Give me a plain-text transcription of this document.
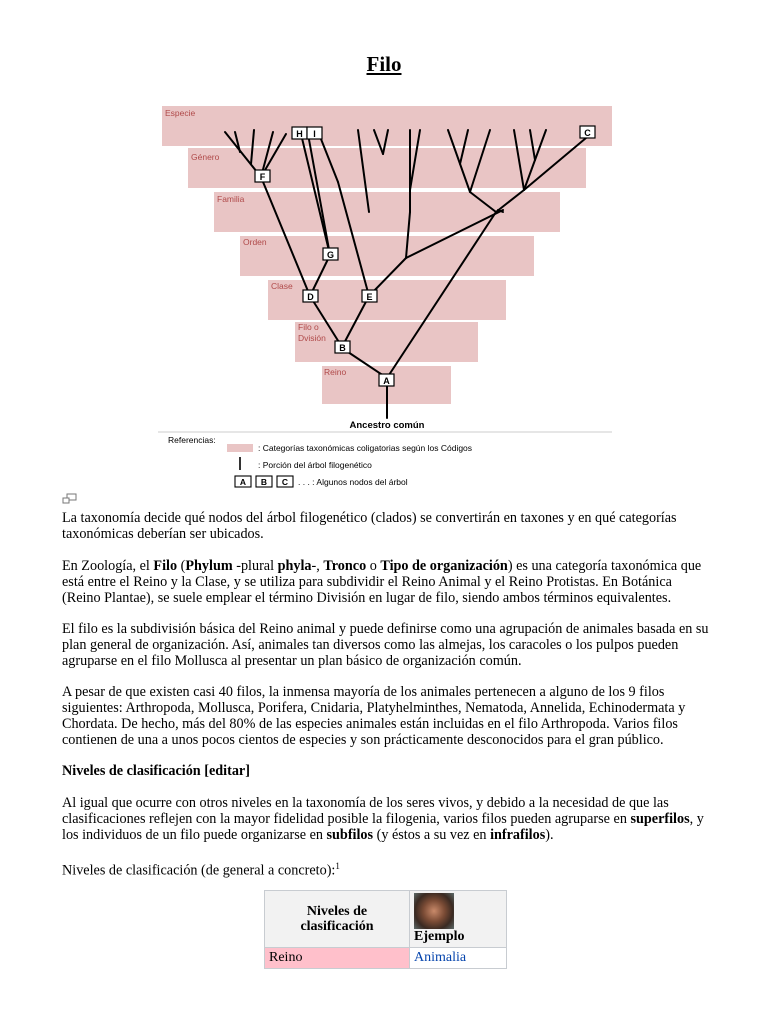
Filo
Especie
Género
Familia
Orden
Clase
Filo o
Dvisión
Reino
A
B
C
D	E
F
G
H I
Ancestro común
Referencias:
: Categorías taxonómicas coligatorias según los Códigos
: Porción del árbol filogenético
A B C . . . : Algunos nodos del árbol

La taxonomía decide qué nodos del árbol filogenético (clados) se convertirán en taxones y en qué categorías taxonómicas deberían ser ubicados.

En Zoología, el Filo (Phylum -plural phyla-, Tronco o Tipo de organización) es una categoría taxonómica que está entre el Reino y la Clase, y se utiliza para subdividir el Reino Animal y el Reino Protistas. En Botánica (Reino Plantae), se suele emplear el término División en lugar de filo, siendo ambos términos equivalentes.

El filo es la subdivisión básica del Reino animal y puede definirse como una agrupación de animales basada en su plan general de organización. Así, animales tan diversos como las almejas, los caracoles o los pulpos pueden agruparse en el filo Mollusca al presentar un plan básico de organización común.

A pesar de que existen casi 40 filos, la inmensa mayoría de los animales pertenecen a alguno de los 9 filos siguientes: Arthropoda, Mollusca, Porifera, Cnidaria, Platyhelminthes, Nematoda, Annelida, Echinodermata y Chordata. De hecho, más del 80% de las especies animales están incluidas en el filo Arthropoda. Varios filos contienen de una a unos pocos cientos de especies y son prácticamente desconocidos para el gran público.

Niveles de clasificación [editar]

Al igual que ocurre con otros niveles en la taxonomía de los seres vivos, y debido a la necesidad de que las clasificaciones reflejen con la mayor fidelidad posible la filogenia, varios filos pueden agruparse en superfilos, y los individuos de un filo puede organizarse en subfilos (y éstos a su vez en infrafilos).

Niveles de clasificación (de general a concreto):$^1$

Niveles de clasificación	Ejemplo
Reino	Animalia
